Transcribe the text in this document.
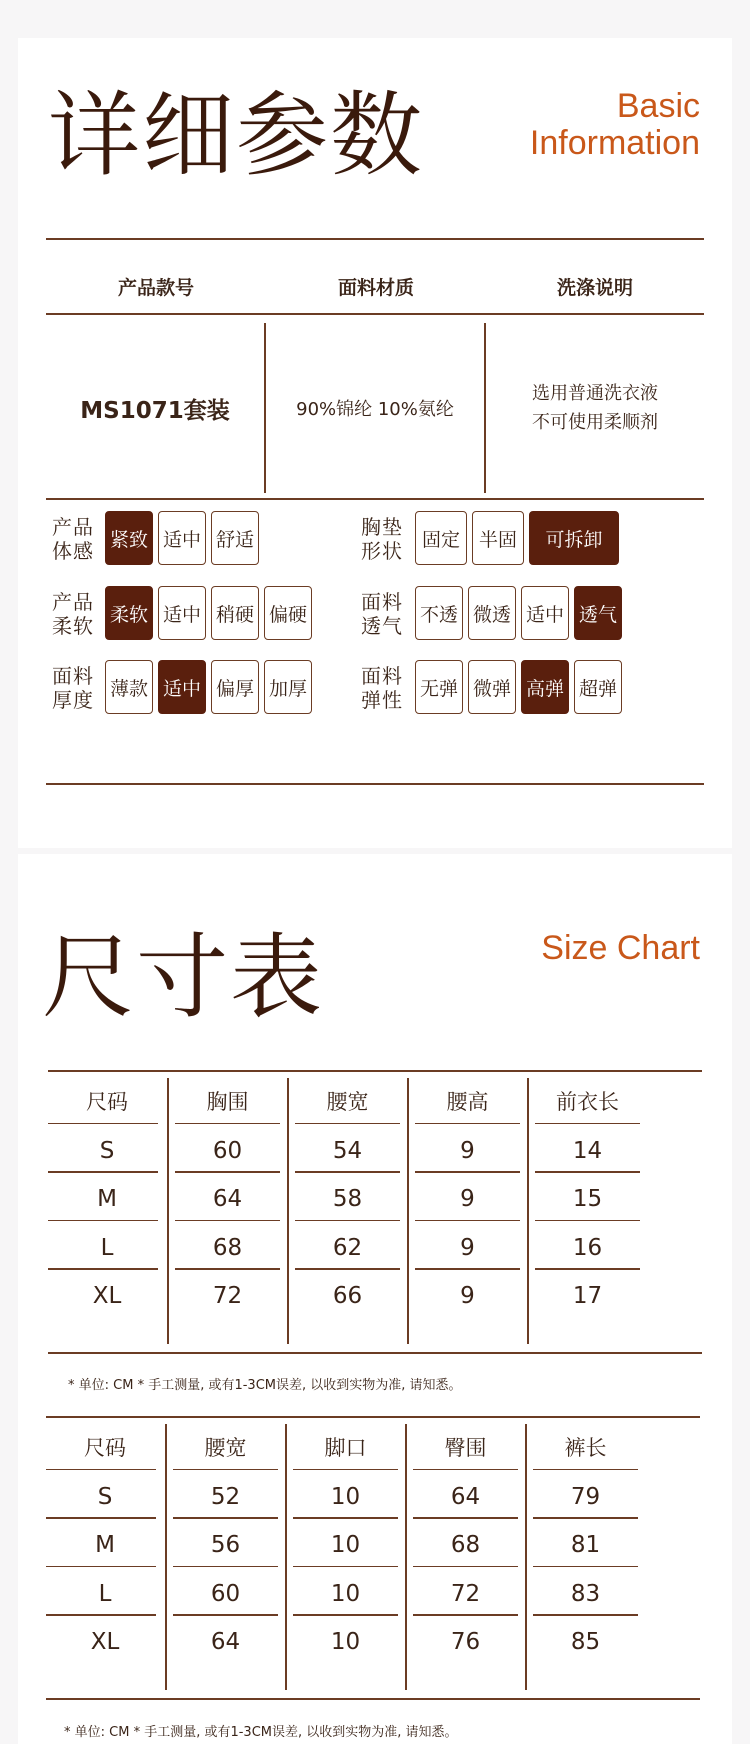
详细参数	Basic
Information
产品款号	面料材质	洗涤说明
MS1071套装	90%锦纶 10%氨纶
选用普通洗衣液
不可使用柔顺剂
产品
体感 紧致 适中 舒适
产品
柔软 柔软 适中 稍硬 偏硬
面料
厚度 薄款 适中 偏厚 加厚
胸垫
形状 固定 半固	可拆卸
面料
透气 不透 微透 适中 透气
面料
弹性 无弹 微弹 高弹 超弹
尺寸表	Size Chart
尺码	胸围	腰宽	腰高	前衣长
S	60	54	9	14
M	64	58	9	15
L	68	62	9	16
XL	72	66	9	17
* 单位: CM * 手工测量, 或有1-3CM误差, 以收到实物为准, 请知悉。
尺码	腰宽	脚口	臀围	裤长
S	52	10	64	79
M	56	10	68	81
L	60	10	72	83
XL	64	10	76	85
* 单位: CM * 手工测量, 或有1-3CM误差, 以收到实物为准, 请知悉。
